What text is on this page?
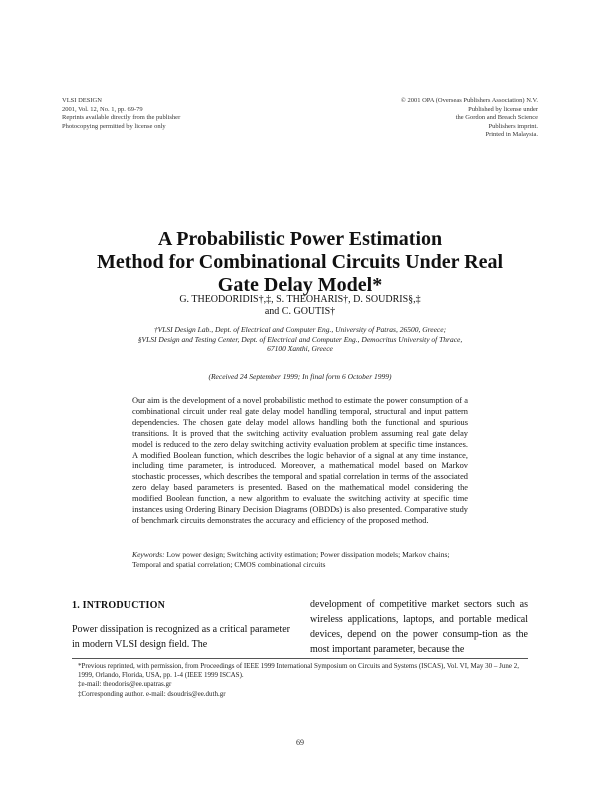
VLSI DESIGN
2001, Vol. 12, No. 1, pp. 69-79
Reprints available directly from the publisher
Photocopying permitted by license only
© 2001 OPA (Overseas Publishers Association) N.V.
Published by license under
the Gordon and Breach Science
Publishers imprint.
Printed in Malaysia.
A Probabilistic Power Estimation
Method for Combinational Circuits Under Real
Gate Delay Model*
G. THEODORIDIS†,‡, S. THEOHARIS†, D. SOUDRIS§,‡
and C. GOUTIS†
†VLSI Design Lab., Dept. of Electrical and Computer Eng., University of Patras, 26500, Greece;
§VLSI Design and Testing Center, Dept. of Electrical and Computer Eng., Democritus University of Thrace,
67100 Xanthi, Greece
(Received 24 September 1999; In final form 6 October 1999)
Our aim is the development of a novel probabilistic method to estimate the power consumption of a combinational circuit under real gate delay model handling temporal, structural and input pattern dependencies. The chosen gate delay model allows handling both the functional and spurious transitions. It is proved that the switching activity evaluation problem assuming real gate delay model is reduced to the zero delay switching activity evaluation problem at specific time instances. A modified Boolean function, which describes the logic behavior of a signal at any time instance, including time parameter, is introduced. Moreover, a mathematical model based on Markov stochastic processes, which describes the temporal and spatial correlation in terms of the associated zero delay based parameters is presented. Based on the mathematical model considering the modified Boolean function, a new algorithm to evaluate the switching activity at specific time instances using Ordering Binary Decision Diagrams (OBDDs) is also presented. Comparative study of benchmark circuits demonstrates the accuracy and efficiency of the proposed method.
Keywords: Low power design; Switching activity estimation; Power dissipation models; Markov chains; Temporal and spatial correlation; CMOS combinational circuits
1. INTRODUCTION
Power dissipation is recognized as a critical parameter in modern VLSI design field. The
development of competitive market sectors such as wireless applications, laptops, and portable medical devices, depend on the power consump-tion as the most important parameter, because the
*Previous reprinted, with permission, from Proceedings of IEEE 1999 International Symposium on Circuits and Systems (ISCAS), Vol. VI, May 30 – June 2, 1999, Orlando, Florida, USA, pp. 1-4 (IEEE 1999 ISCAS).
‡e-mail: theodoris@ee.upatras.gr
‡Corresponding author. e-mail: dsoudris@ee.duth.gr
69
